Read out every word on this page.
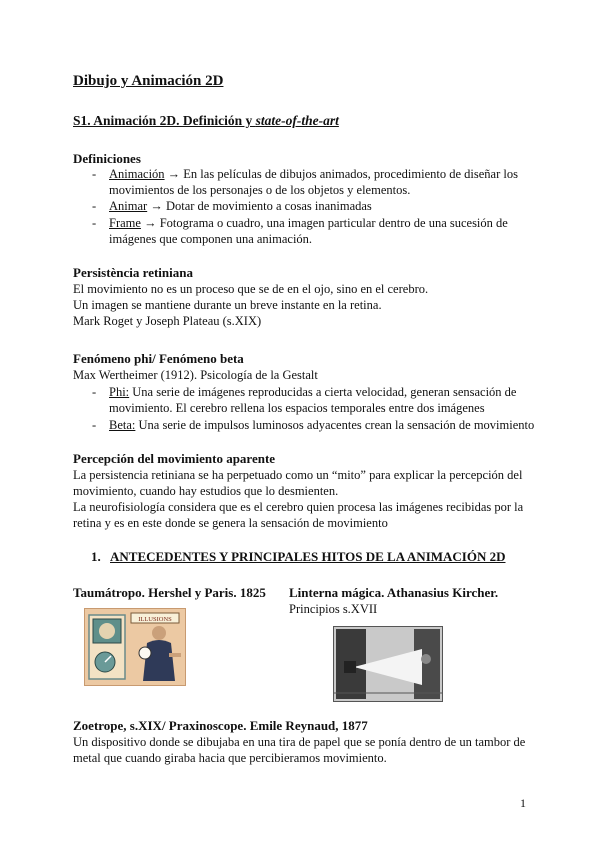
Dibujo y Animación 2D
S1. Animación 2D. Definición y state-of-the-art
Definiciones
- Animación → En las películas de dibujos animados, procedimiento de diseñar los
movimientos de los personajes o de los objetos y elementos.
- Animar → Dotar de movimiento a cosas inanimadas
- Frame → Fotograma o cuadro, una imagen particular dentro de una sucesión de
imágenes que componen una animación.
Persistència retiniana
El movimiento no es un proceso que se de en el ojo, sino en el cerebro.
Un imagen se mantiene durante un breve instante en la retina.
Mark Roget y Joseph Plateau (s.XIX)
Fenómeno phi/ Fenómeno beta
Max Wertheimer (1912). Psicología de la Gestalt
- Phi: Una serie de imágenes reproducidas a cierta velocidad, generan sensación de
movimiento. El cerebro rellena los espacios temporales entre dos imágenes
- Beta: Una serie de impulsos luminosos adyacentes crean la sensación de movimiento
Percepción del movimiento aparente
La persistencia retiniana se ha perpetuado como un “mito” para explicar la percepción del
movimiento, cuando hay estudios que lo desmienten.
La neurofisiología considera que es el cerebro quien procesa las imágenes recibidas por la
retina y es en este donde se genera la sensación de movimiento
1. ANTECEDENTES Y PRINCIPALES HITOS DE LA ANIMACIÓN 2D
Taumátropo. Hershel y Paris. 1825 Linterna mágica. Athanasius Kircher.
Principios s.XVII
ILLUSIONS
Zoetrope, s.XIX/ Praxinoscope. Emile Reynaud, 1877
Un dispositivo donde se dibujaba en una tira de papel que se ponía dentro de un tambor de
metal que cuando giraba hacia que percibieramos movimiento.
1
